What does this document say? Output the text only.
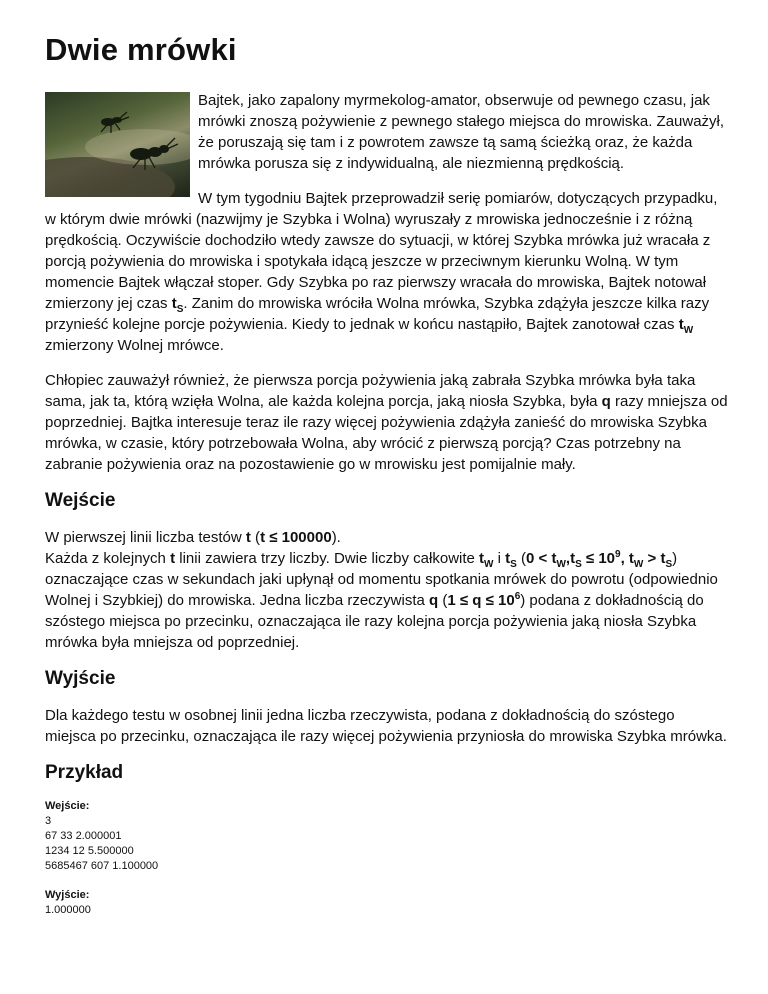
Dwie mrówki

Bajtek, jako zapalony myrmekolog-amator, obserwuje od pewnego czasu, jak mrówki znoszą pożywienie z pewnego stałego miejsca do mrowiska. Zauważył, że poruszają się tam i z powrotem zawsze tą samą ścieżką oraz, że każda mrówka porusza się z indywidualną, ale niezmienną prędkością.

W tym tygodniu Bajtek przeprowadził serię pomiarów, dotyczących przypadku, w którym dwie mrówki (nazwijmy je Szybka i Wolna) wyruszały z mrowiska jednocześnie i z różną prędkością. Oczywiście dochodziło wtedy zawsze do sytuacji, w której Szybka mrówka już wracała z porcją pożywienia do mrowiska i spotykała idącą jeszcze w przeciwnym kierunku Wolną. W tym momencie Bajtek włączał stoper. Gdy Szybka po raz pierwszy wracała do mrowiska, Bajtek notował zmierzony jej czas $t_S$. Zanim do mrowiska wróciła Wolna mrówka, Szybka zdążyła jeszcze kilka razy przynieść kolejne porcje pożywienia. Kiedy to jednak w końcu nastąpiło, Bajtek zanotował czas $t_W$ zmierzony Wolnej mrówce.

Chłopiec zauważył również, że pierwsza porcja pożywienia jaką zabrała Szybka mrówka była taka sama, jak ta, którą wzięła Wolna, ale każda kolejna porcja, jaką niosła Szybka, była q razy mniejsza od poprzedniej. Bajtka interesuje teraz ile razy więcej pożywienia zdążyła zanieść do mrowiska Szybka mrówka, w czasie, który potrzebowała Wolna, aby wrócić z pierwszą porcją? Czas potrzebny na zabranie pożywienia oraz na pozostawienie go w mrowisku jest pomijalnie mały.

Wejście

W pierwszej linii liczba testów t (t ≤ 100000).

Każda z kolejnych t linii zawiera trzy liczby. Dwie liczby całkowite $t_W$ i $t_S$ ($0 < t_W,t_S \le 10^9$, $t_W > t_S$) oznaczające czas w sekundach jaki upłynął od momentu spotkania mrówek do powrotu (odpowiednio Wolnej i Szybkiej) do mrowiska. Jedna liczba rzeczywista q $(1 \le q \le 10^6)$ podana z dokładnością do szóstego miejsca po przecinku, oznaczająca ile razy kolejna porcja pożywienia jaką niosła Szybka mrówka była mniejsza od poprzedniej.

Wyjście

Dla każdego testu w osobnej linii jedna liczba rzeczywista, podana z dokładnością do szóstego miejsca po przecinku, oznaczająca ile razy więcej pożywienia przyniosła do mrowiska Szybka mrówka.

Przykład
Wejście:
3
67 33 2.000001
1234 12 5.500000
5685467 607 1.100000
Wyjście:
1.000000
